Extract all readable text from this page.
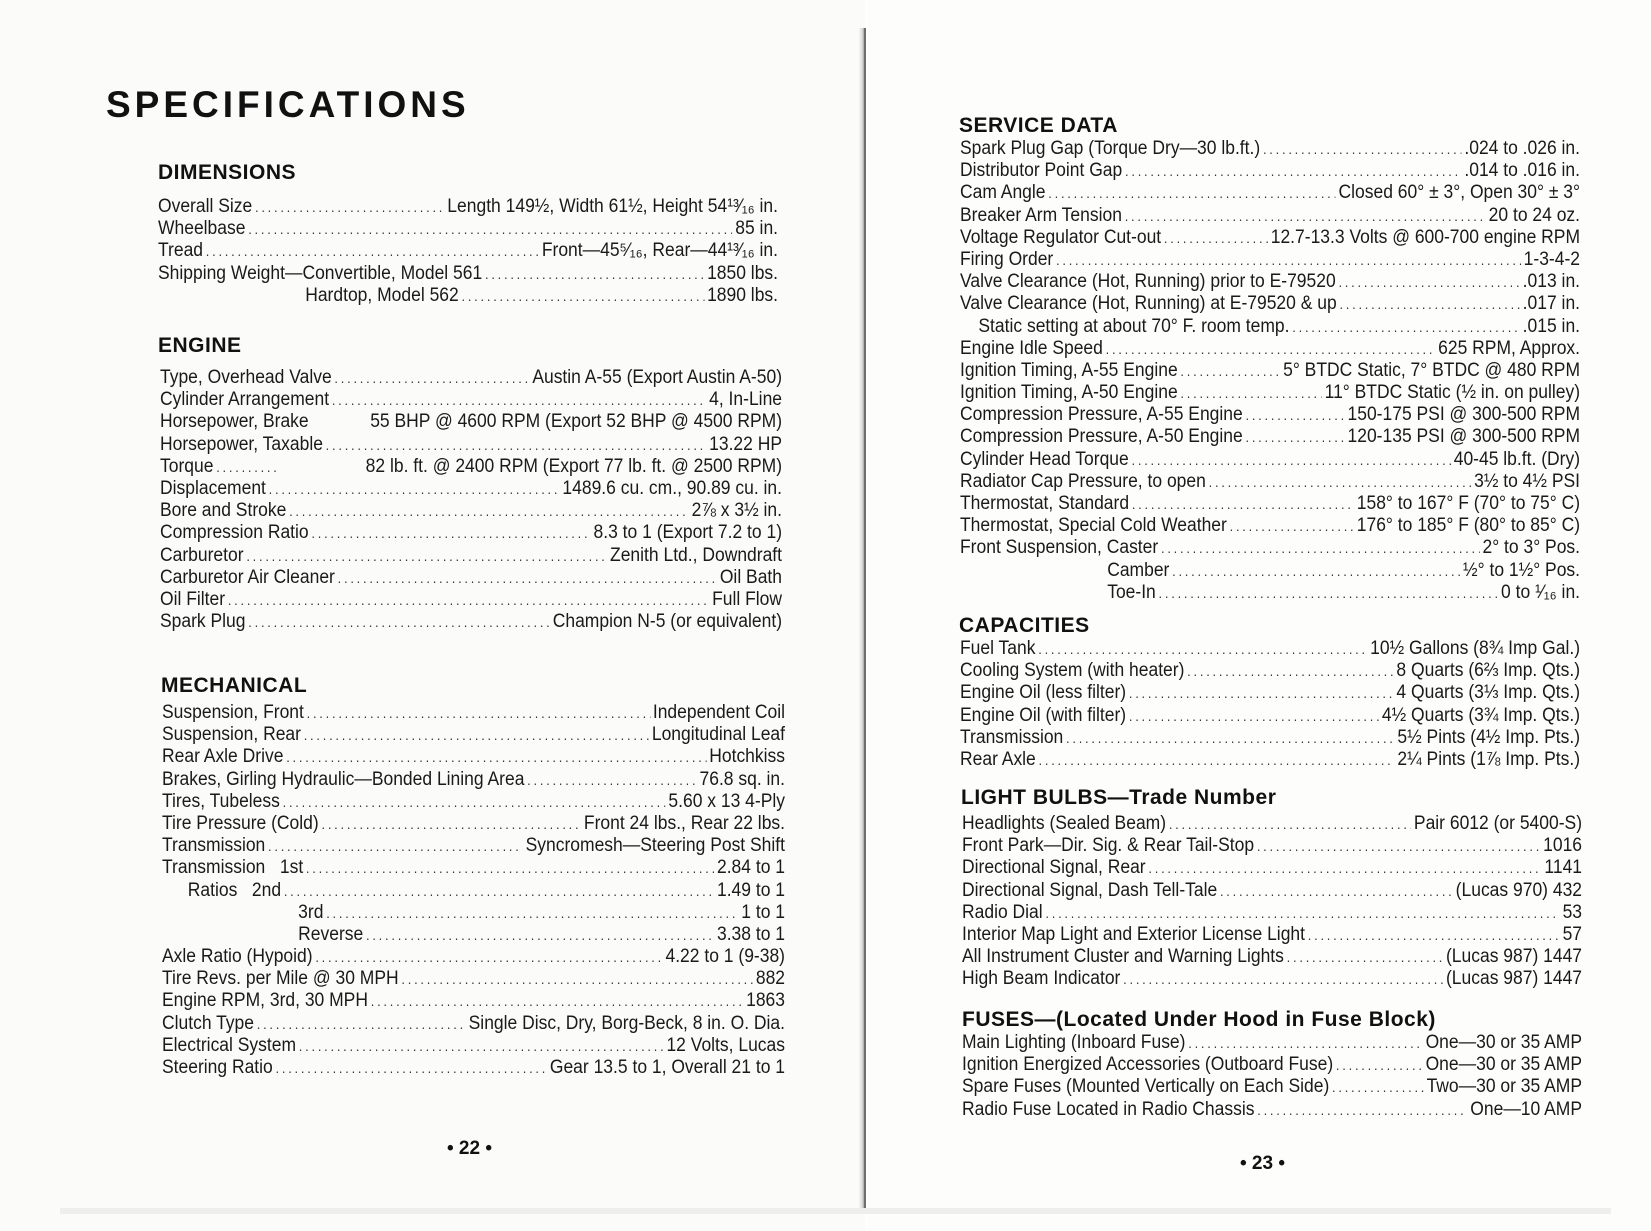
SPECIFICATIONS
DIMENSIONS
Overall Size .....	Length 149½, Width 61½, Height 54¹³⁄₁₆ in.
Wheelbase .....	85 in.
Tread .....	Front—45⁵⁄₁₆, Rear—44¹³⁄₁₆ in.
Shipping Weight—Convertible, Model 561 .....	1850 lbs.
Hardtop, Model 562 .....	1890 lbs.
ENGINE
Type, Overhead Valve .....	Austin A-55 (Export Austin A-50)
Cylinder Arrangement .....	4, In-Line
Horsepower, Brake	55 BHP @ 4600 RPM (Export 52 BHP @ 4500 RPM)
Horsepower, Taxable .....	13.22 HP
Torque .....	82 lb. ft. @ 2400 RPM (Export 77 lb. ft. @ 2500 RPM)
Displacement .....	1489.6 cu. cm., 90.89 cu. in.
Bore and Stroke .....	2⅞ x 3½ in.
Compression Ratio .....	8.3 to 1 (Export 7.2 to 1)
Carburetor .....	Zenith Ltd., Downdraft
Carburetor Air Cleaner .....	Oil Bath
Oil Filter .....	Full Flow
Spark Plug .....	Champion N-5 (or equivalent)
MECHANICAL
Suspension, Front .....	Independent Coil
Suspension, Rear .....	Longitudinal Leaf
Rear Axle Drive .....	Hotchkiss
Brakes, Girling Hydraulic—Bonded Lining Area .....	76.8 sq. in.
Tires, Tubeless .....	5.60 x 13 4-Ply
Tire Pressure (Cold) .....	Front 24 lbs., Rear 22 lbs.
Transmission .....	Syncromesh—Steering Post Shift
Transmission   1st .....	2.84 to 1
Ratios   2nd .....	1.49 to 1
3rd .....	1 to 1
Reverse .....	3.38 to 1
Axle Ratio (Hypoid) .....	4.22 to 1 (9-38)
Tire Revs. per Mile @ 30 MPH .....	882
Engine RPM, 3rd, 30 MPH .....	1863
Clutch Type .....	Single Disc, Dry, Borg-Beck, 8 in. O. Dia.
Electrical System .....	12 Volts, Lucas
Steering Ratio .....	Gear 13.5 to 1, Overall 21 to 1
• 22 •
SERVICE DATA
Spark Plug Gap (Torque Dry—30 lb.ft.) .....	.024 to .026 in.
Distributor Point Gap .....	.014 to .016 in.
Cam Angle .....	Closed 60° ± 3°, Open 30° ± 3°
Breaker Arm Tension .....	20 to 24 oz.
Voltage Regulator Cut-out .....	12.7-13.3 Volts @ 600-700 engine RPM
Firing Order .....	1-3-4-2
Valve Clearance (Hot, Running) prior to E-79520 .....	.013 in.
Valve Clearance (Hot, Running) at E-79520 & up .....	.017 in.
Static setting at about 70° F. room temp. .....	.015 in.
Engine Idle Speed .....	625 RPM, Approx.
Ignition Timing, A-55 Engine .....	5° BTDC Static, 7° BTDC @ 480 RPM
Ignition Timing, A-50 Engine .....	11° BTDC Static (½ in. on pulley)
Compression Pressure, A-55 Engine .....	150-175 PSI @ 300-500 RPM
Compression Pressure, A-50 Engine .....	120-135 PSI @ 300-500 RPM
Cylinder Head Torque .....	40-45 lb.ft. (Dry)
Radiator Cap Pressure, to open .....	3½ to 4½ PSI
Thermostat, Standard .....	158° to 167° F (70° to 75° C)
Thermostat, Special Cold Weather .....	176° to 185° F (80° to 85° C)
Front Suspension, Caster .....	2° to 3° Pos.
Camber .....	½° to 1½° Pos.
Toe-In .....	0 to ¹⁄₁₆ in.
CAPACITIES
Fuel Tank .....	10½ Gallons (8¾ Imp Gal.)
Cooling System (with heater) .....	8 Quarts (6⅔ Imp. Qts.)
Engine Oil (less filter) .....	4 Quarts (3⅓ Imp. Qts.)
Engine Oil (with filter) .....	4½ Quarts (3¾ Imp. Qts.)
Transmission .....	5½ Pints (4½ Imp. Pts.)
Rear Axle .....	2¼ Pints (1⅞ Imp. Pts.)
LIGHT BULBS—Trade Number
Headlights (Sealed Beam) .....	Pair 6012 (or 5400-S)
Front Park—Dir. Sig. & Rear Tail-Stop .....	1016
Directional Signal, Rear .....	1141
Directional Signal, Dash Tell-Tale .....	(Lucas 970) 432
Radio Dial .....	53
Interior Map Light and Exterior License Light .....	57
All Instrument Cluster and Warning Lights .....	(Lucas 987) 1447
High Beam Indicator .....	(Lucas 987) 1447
FUSES—(Located Under Hood in Fuse Block)
Main Lighting (Inboard Fuse) .....	One—30 or 35 AMP
Ignition Energized Accessories (Outboard Fuse) .....	One—30 or 35 AMP
Spare Fuses (Mounted Vertically on Each Side) .....	Two—30 or 35 AMP
Radio Fuse Located in Radio Chassis .....	One—10 AMP
• 23 •
